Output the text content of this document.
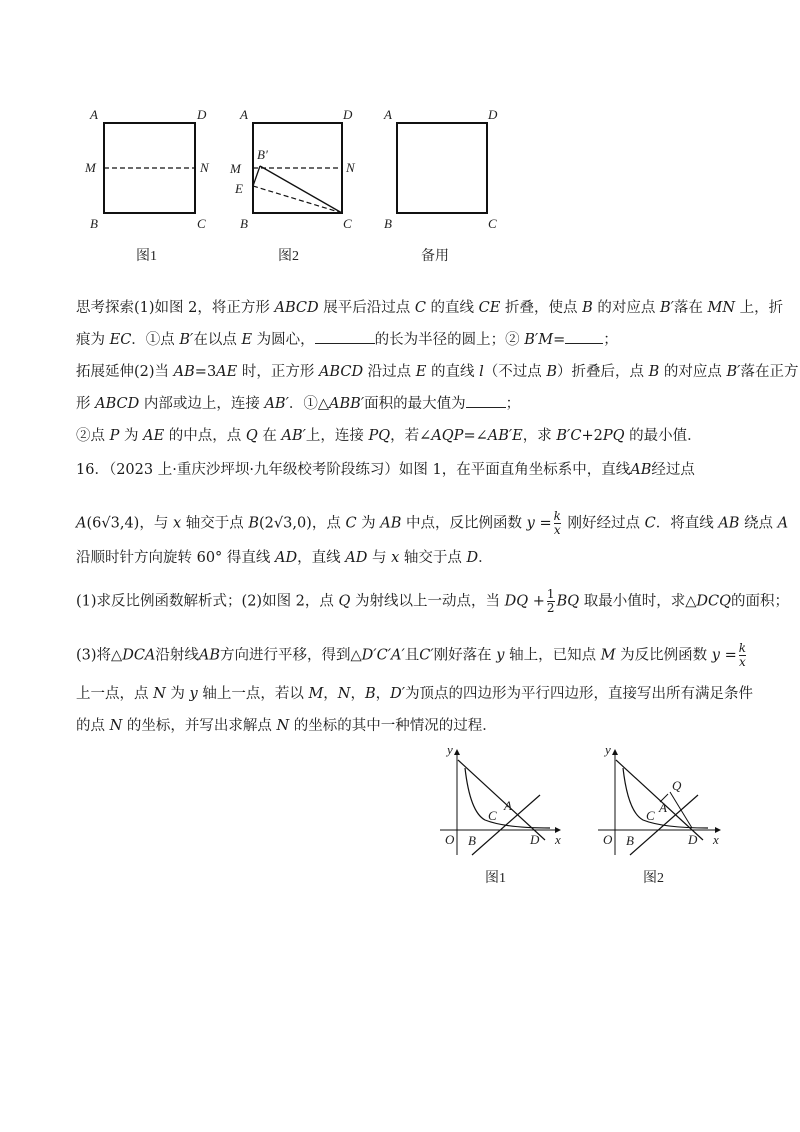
A	D
M	N
B	C
图1
A	D
M	N
B′
E
B	C
图2
A	D
B	C
备用
思考探索(1)如图 2，将正方形 ABCD 展平后沿过点 C 的直线 CE 折叠，使点 B 的对应点 B′落在 MN 上，折
痕为 EC．①点 B′在以点 E 为圆心，	的长为半径的圆上；② B′M=	；
拓展延伸(2)当 AB=3AE 时，正方形 ABCD 沿过点 E 的直线 l（不过点 B）折叠后，点 B 的对应点 B′落在正方
形 ABCD 内部或边上，连接 AB′．①△ABB′面积的最大值为	；
②点 P 为 AE 的中点，点 Q 在 AB′上，连接 PQ，若∠AQP=∠AB′E，求 B′C+2PQ 的最小值．
16．（2023 上·重庆沙坪坝·九年级校考阶段练习）如图 1，在平面直角坐标系中，直线AB经过点
A(6√3,4)，与 x 轴交于点 B(2√3,0)，点 C 为 AB 中点，反比例函数 $y = \frac{k}{x}$ 刚好经过点 C．将直线 AB 绕点 A
沿顺时针方向旋转 60° 得直线 AD，直线 AD 与 x 轴交于点 D．
(1)求反比例函数解析式；(2)如图 2，点 Q 为射线以上一动点，当 DQ + $\frac{1}{2}$ BQ 取最小值时，求△DCQ的面积；
(3)将△DCA沿射线AB方向进行平移，得到△D′C′A′且C′刚好落在 y 轴上，已知点 M 为反比例函数 $y = \frac{k}{x}$
上一点，点 N 为 y 轴上一点，若以 M，N，B，D′为顶点的四边形为平行四边形，直接写出所有满足条件
的点 N 的坐标，并写出求解点 N 的坐标的其中一种情况的过程．
y
x
O B
C
A
D
图1
y
x
O B
C
A
Q
D
图2
